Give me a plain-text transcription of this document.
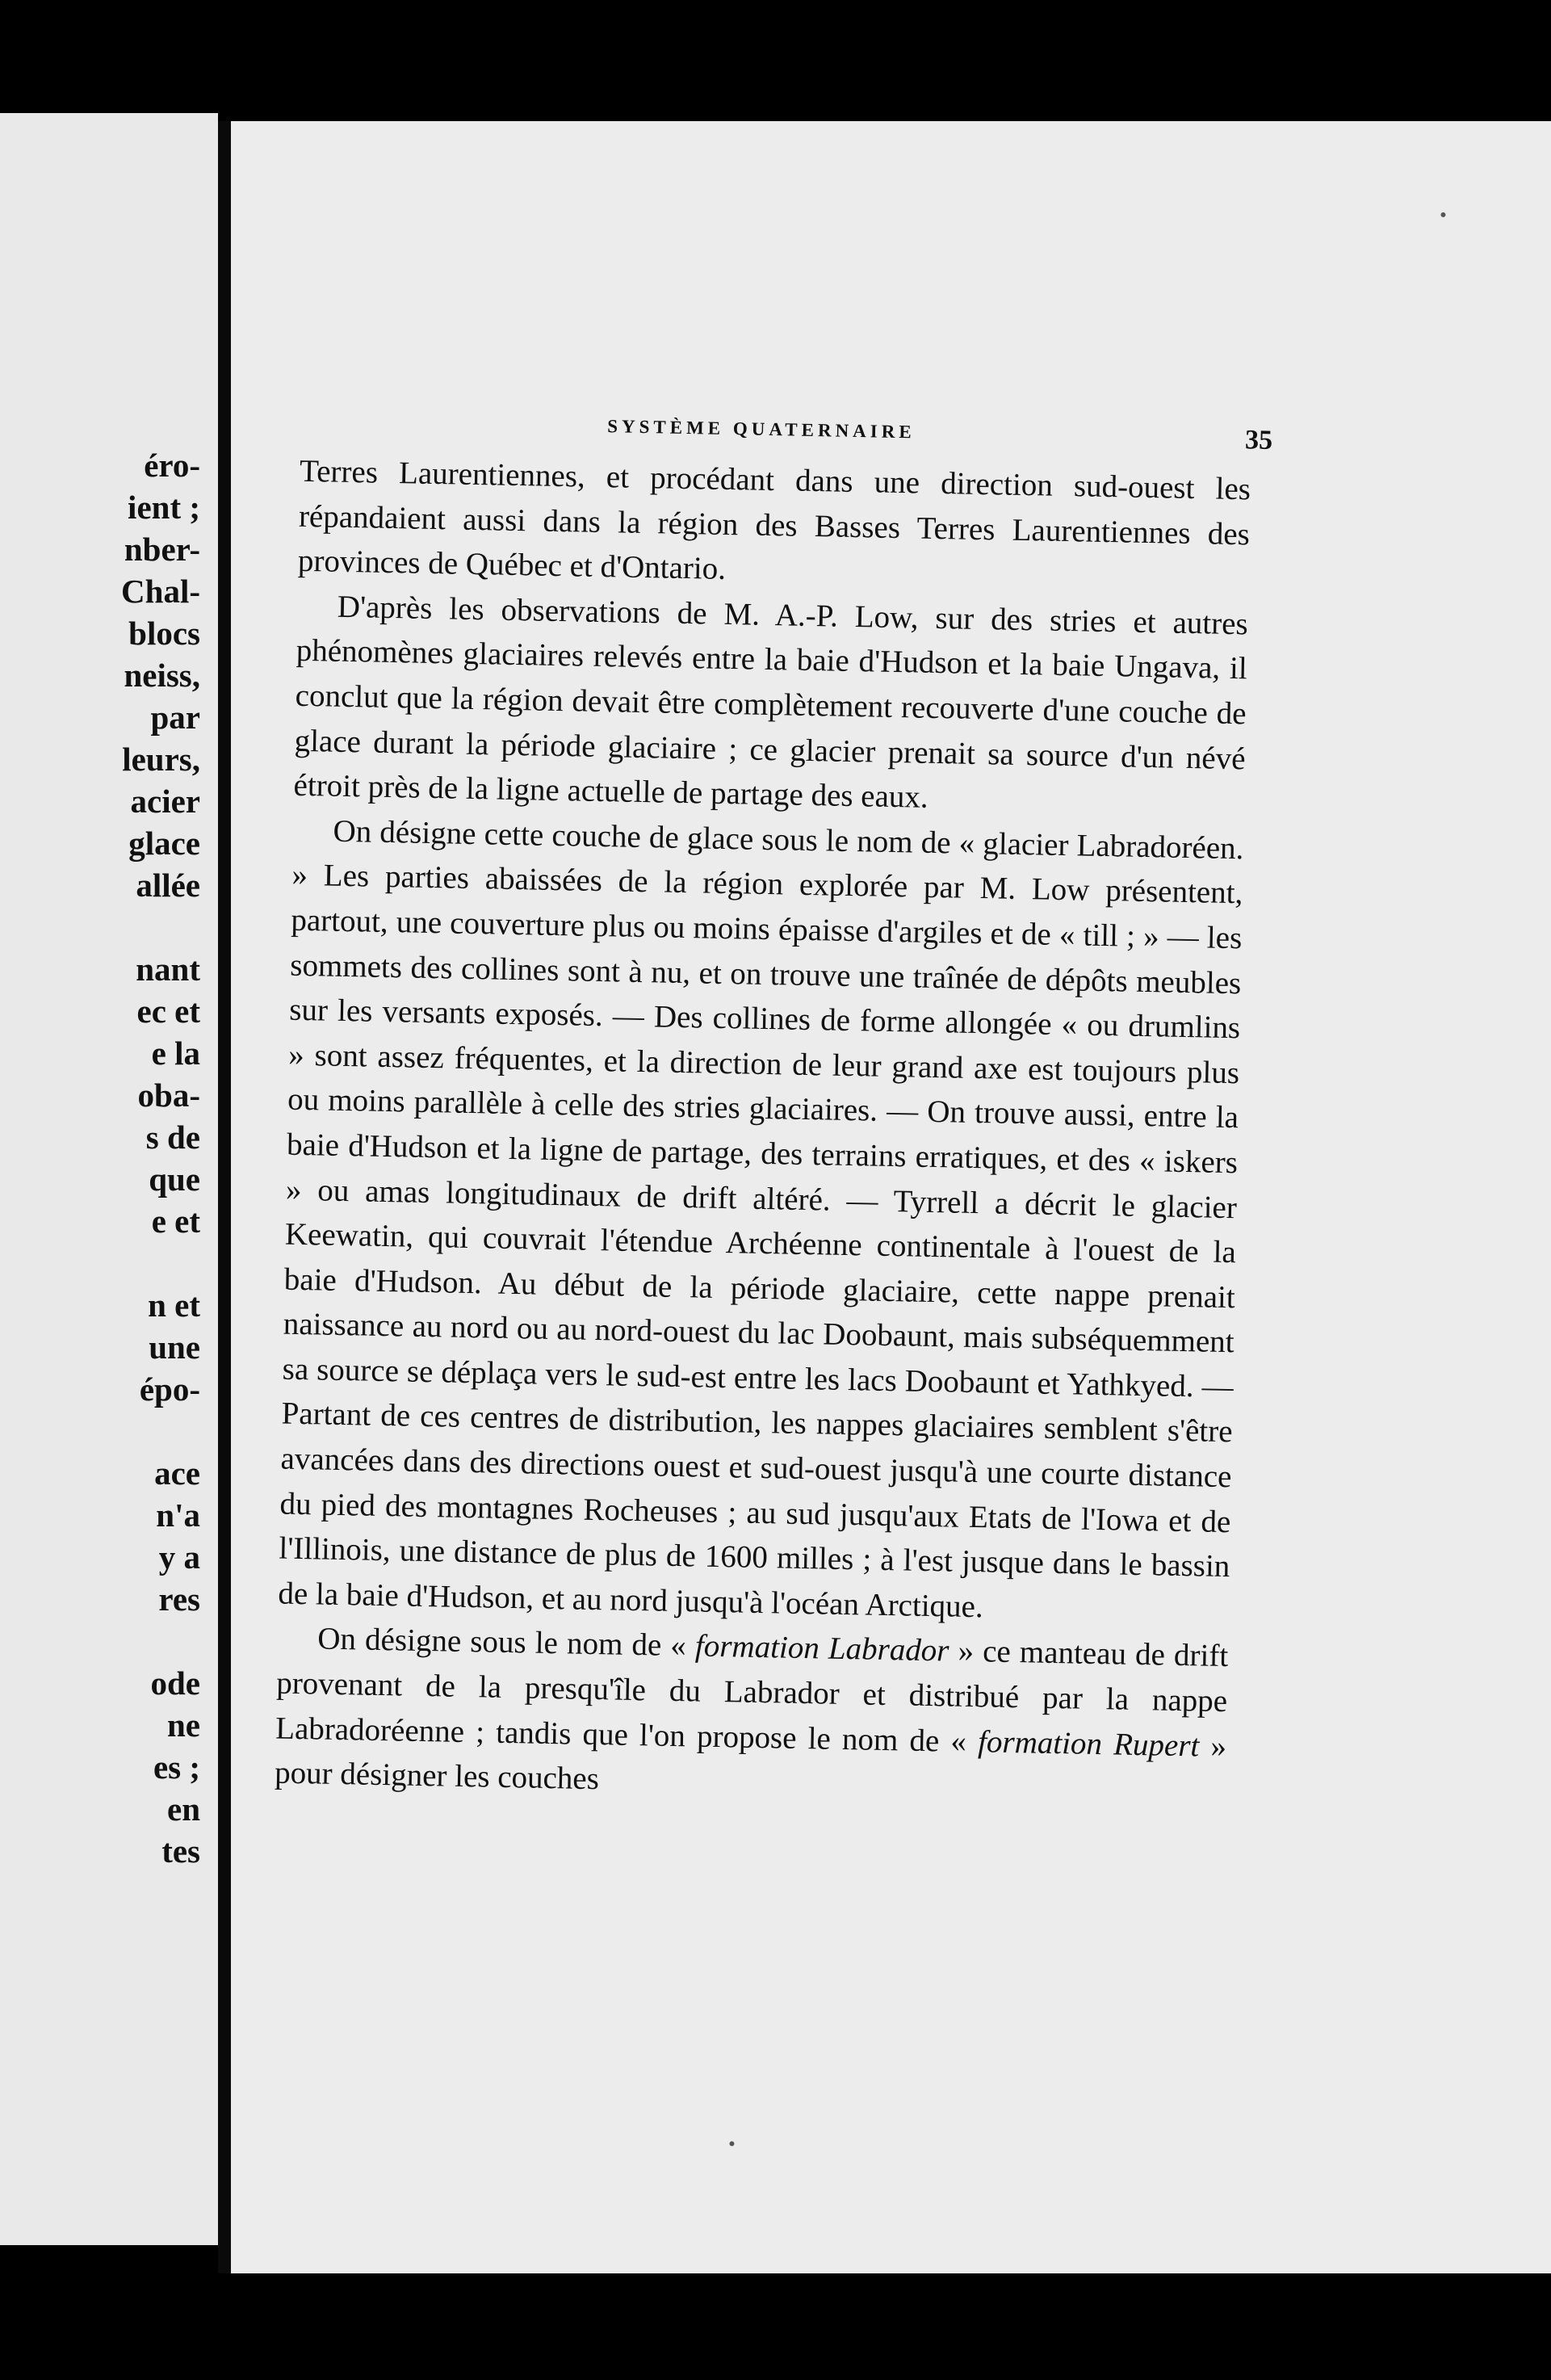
éro-
ient ;
nber-
Chal-
blocs
neiss,
par
leurs,
acier
glace
allée
nant
ec et
e la
oba-
s de
que
e et
n et
une
épo-
ace
n'a
y a
res
ode
ne
es ;
en
tes
SYSTÈME QUATERNAIRE	35

Terres Laurentiennes, et procédant dans une direction sud-ouest les répandaient aussi dans la région des Basses Terres Laurentiennes des provinces de Québec et d'Ontario.

D'après les observations de M. A.-P. Low, sur des stries et autres phénomènes glaciaires relevés entre la baie d'Hudson et la baie Ungava, il conclut que la région devait être complètement recouverte d'une couche de glace durant la période glaciaire ; ce glacier prenait sa source d'un névé étroit près de la ligne actuelle de partage des eaux.

On désigne cette couche de glace sous le nom de « glacier Labradoréen. » Les parties abaissées de la région explorée par M. Low présentent, partout, une couverture plus ou moins épaisse d'argiles et de « till ; » — les sommets des collines sont à nu, et on trouve une traînée de dépôts meubles sur les versants exposés. — Des collines de forme allongée « ou drumlins » sont assez fréquentes, et la direction de leur grand axe est toujours plus ou moins parallèle à celle des stries glaciaires. — On trouve aussi, entre la baie d'Hudson et la ligne de partage, des terrains erratiques, et des « iskers » ou amas longitudinaux de drift altéré. — Tyrrell a décrit le glacier Keewatin, qui couvrait l'étendue Archéenne continentale à l'ouest de la baie d'Hudson. Au début de la période glaciaire, cette nappe prenait naissance au nord ou au nord-ouest du lac Doobaunt, mais subséquemment sa source se déplaça vers le sud-est entre les lacs Doobaunt et Yathkyed. — Partant de ces centres de distribution, les nappes glaciaires semblent s'être avancées dans des directions ouest et sud-ouest jusqu'à une courte distance du pied des montagnes Rocheuses ; au sud jusqu'aux Etats de l'Iowa et de l'Illinois, une distance de plus de 1600 milles ; à l'est jusque dans le bassin de la baie d'Hudson, et au nord jusqu'à l'océan Arctique.

On désigne sous le nom de « formation Labrador » ce manteau de drift provenant de la presqu'île du Labrador et distribué par la nappe Labradoréenne ; tandis que l'on propose le nom de « formation Rupert » pour désigner les couches
